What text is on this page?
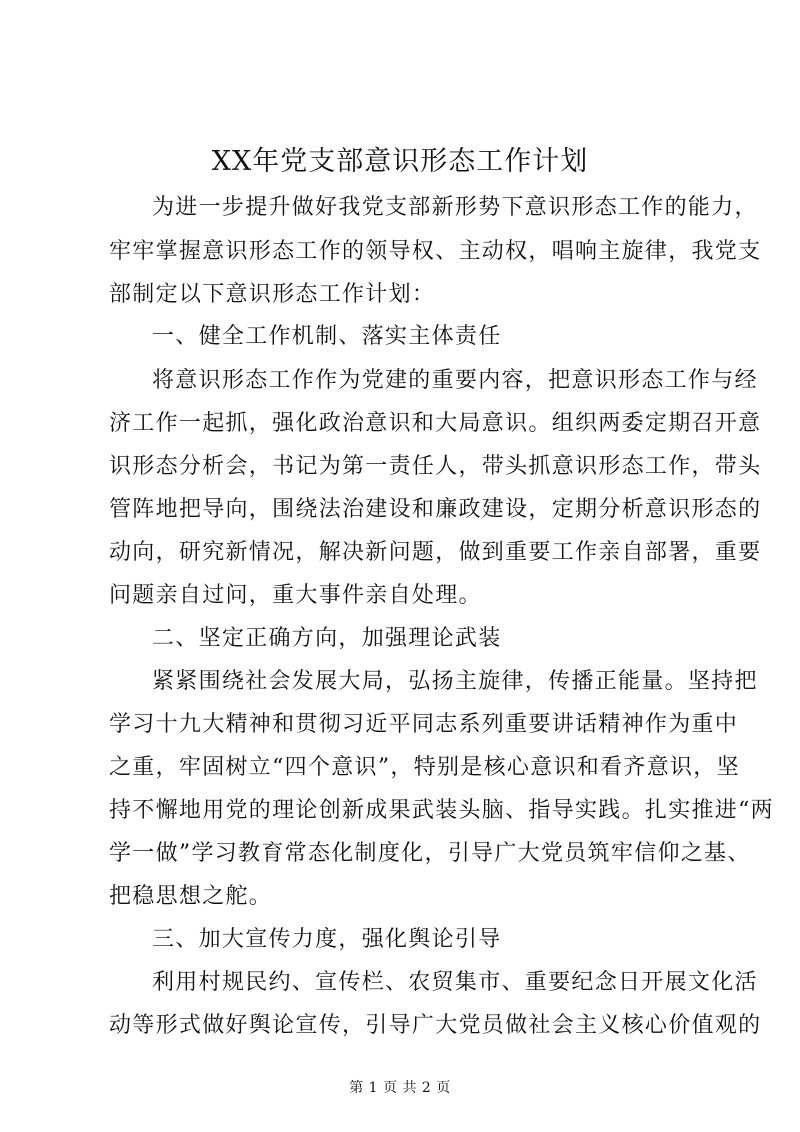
XX年党支部意识形态工作计划
为进一步提升做好我党支部新形势下意识形态工作的能力，
牢牢掌握意识形态工作的领导权、主动权，唱响主旋律，我党支
部制定以下意识形态工作计划：
一、健全工作机制、落实主体责任
将意识形态工作作为党建的重要内容，把意识形态工作与经
济工作一起抓，强化政治意识和大局意识。组织两委定期召开意
识形态分析会，书记为第一责任人，带头抓意识形态工作，带头
管阵地把导向，围绕法治建设和廉政建设，定期分析意识形态的
动向，研究新情况，解决新问题，做到重要工作亲自部署，重要
问题亲自过问，重大事件亲自处理。
二、坚定正确方向，加强理论武装
紧紧围绕社会发展大局，弘扬主旋律，传播正能量。坚持把
学习十九大精神和贯彻习近平同志系列重要讲话精神作为重中
之重，牢固树立“四个意识”，特别是核心意识和看齐意识，坚
持不懈地用党的理论创新成果武装头脑、指导实践。扎实推进“两
学一做”学习教育常态化制度化，引导广大党员筑牢信仰之基、
把稳思想之舵。
三、加大宣传力度，强化舆论引导
利用村规民约、宣传栏、农贸集市、重要纪念日开展文化活
动等形式做好舆论宣传，引导广大党员做社会主义核心价值观的
第 1 页 共 2 页
